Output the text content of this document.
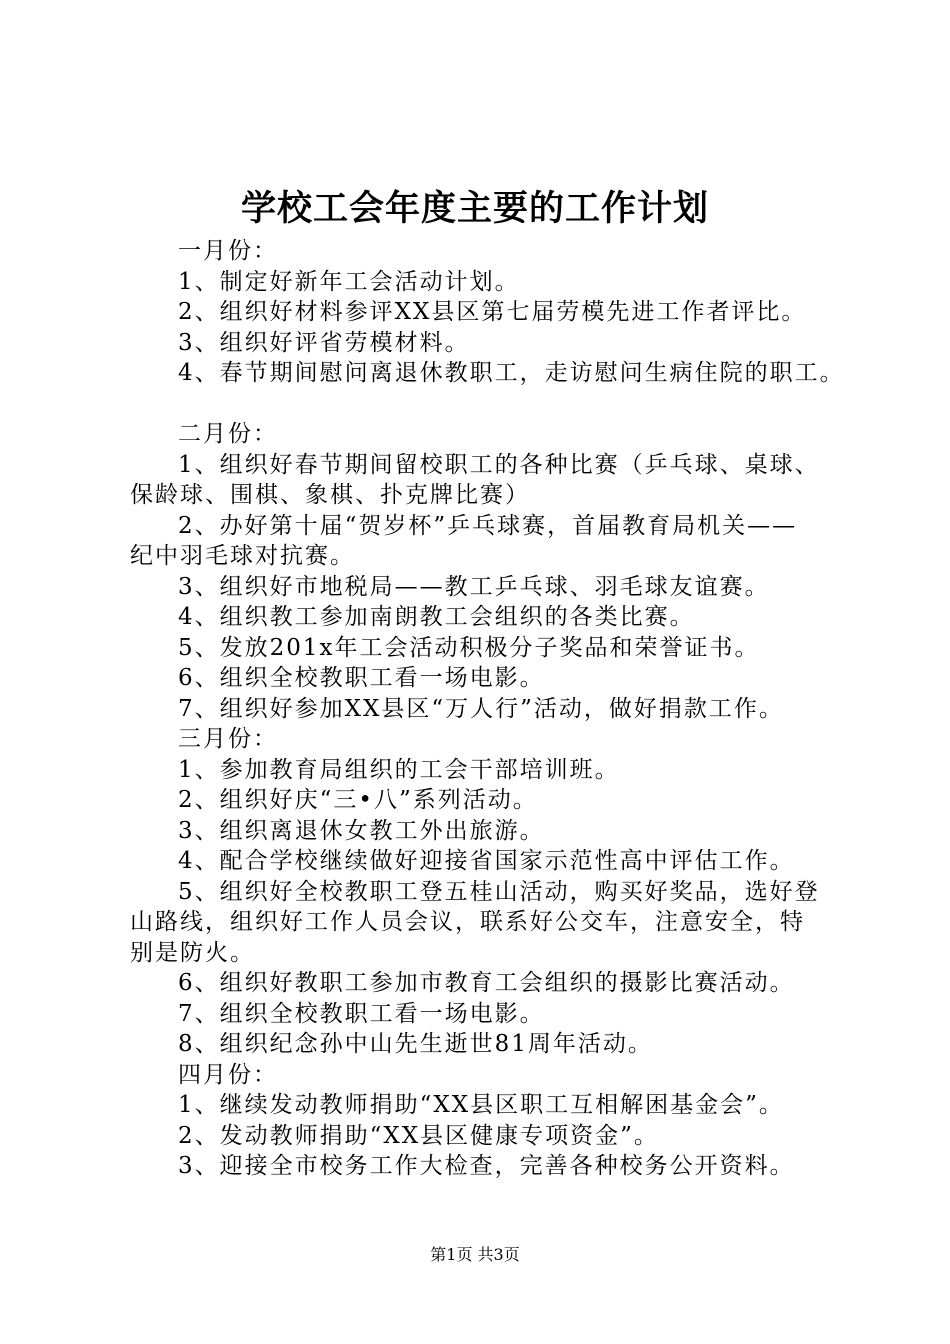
学校工会年度主要的工作计划
一月份：
1、制定好新年工会活动计划。
2、组织好材料参评XX县区第七届劳模先进工作者评比。
3、组织好评省劳模材料。
4、春节期间慰问离退休教职工，走访慰问生病住院的职工。
二月份：
1、组织好春节期间留校职工的各种比赛（乒乓球、桌球、
保龄球、围棋、象棋、扑克牌比赛）
2、办好第十届“贺岁杯”乒乓球赛，首届教育局机关——
纪中羽毛球对抗赛。
3、组织好市地税局——教工乒乓球、羽毛球友谊赛。
4、组织教工参加南朗教工会组织的各类比赛。
5、发放201x年工会活动积极分子奖品和荣誉证书。
6、组织全校教职工看一场电影。
7、组织好参加XX县区“万人行”活动，做好捐款工作。
三月份：
1、参加教育局组织的工会干部培训班。
2、组织好庆“三•八”系列活动。
3、组织离退休女教工外出旅游。
4、配合学校继续做好迎接省国家示范性高中评估工作。
5、组织好全校教职工登五桂山活动，购买好奖品，选好登
山路线，组织好工作人员会议，联系好公交车，注意安全，特
别是防火。
6、组织好教职工参加市教育工会组织的摄影比赛活动。
7、组织全校教职工看一场电影。
8、组织纪念孙中山先生逝世81周年活动。
四月份：
1、继续发动教师捐助“XX县区职工互相解困基金会”。
2、发动教师捐助“XX县区健康专项资金”。
3、迎接全市校务工作大检查，完善各种校务公开资料。
第1页 共3页
